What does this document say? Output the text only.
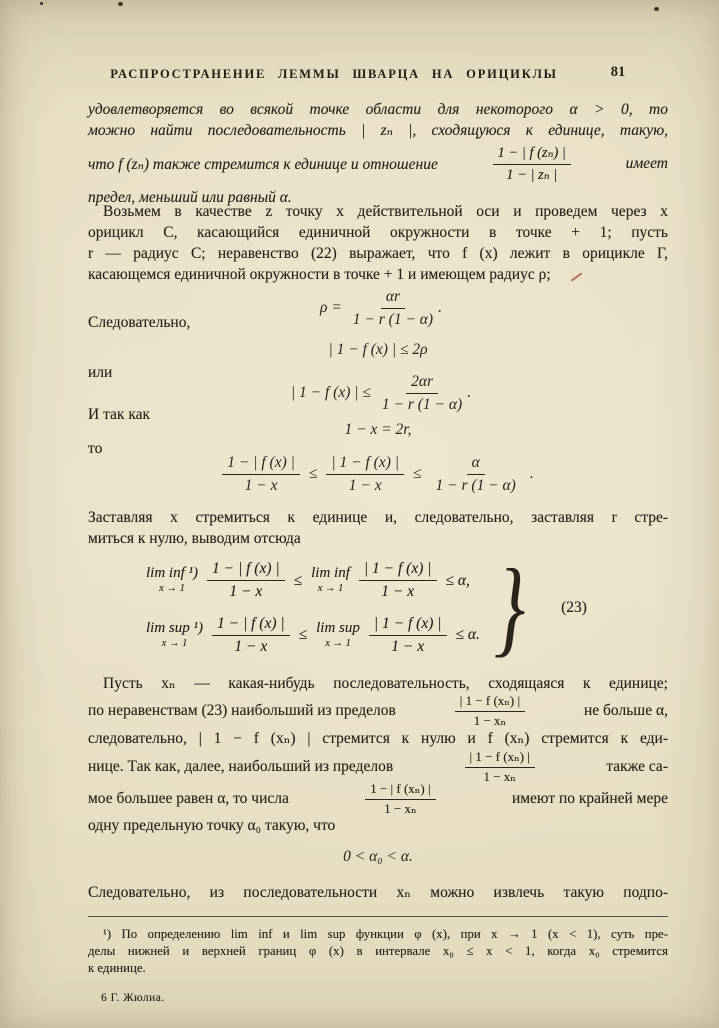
РАСПРОСТРАНЕНИЕ ЛЕММЫ ШВАРЦА НА ОРИЦИКЛЫ	81
удовлетворяется во всякой точке области для некоторого α > 0, то
можно найти последовательность | zₙ |, сходящуюся к единице, такую,
что f (zₙ) также стремится к единице и отношение	$\frac{\text{1 − | f (zₙ) |}}{\text{1 − | zₙ |}}$	имеет
предел, меньший или равный α.
Возьмем в качестве z точку x действительной оси и проведем через x
орицикл C, касающийся единичной окружности в точке + 1; пусть
r — радиус C; неравенство (22) выражает, что f (x) лежит в орицикле Γ,
касающемся единичной окружности в точке + 1 и имеющем радиус ρ;
$\rho = \frac{\alpha r}{1 - r (1 - \alpha)}$ .
Следовательно,
| 1 − f (x) | ≤ 2ρ
или
| 1 − f (x) | ≤ $\frac{2\alpha r}{1 - r (1 - \alpha)}$ .
И так как
1 − x = 2r,
то
$\frac{1 - | f (x) |}{1 - x} \le \frac{| 1 - f (x) |}{1 - x} \le \frac{\alpha}{1 - r (1 - \alpha)}$ .
Заставляя x стремиться к единице и, следовательно, заставляя r стре-
миться к нулю, выводим отсюда
lim inf ¹)
$x \to 1 \frac{1 - | f (x) |}{1 - x} \le \lim$ inf
$x \to 1 \frac{| 1 - f (x) |}{1 - x} \le \alpha$,
lim sup ¹)
$x \to 1 \frac{1 - | f (x) |}{1 - x} \le \lim$ sup
$x \to 1 \frac{| 1 - f (x) |}{1 - x} \le \alpha$. } (23)
Пусть xₙ — какая-нибудь последовательность, сходящаяся к единице;
по неравенствам (23) наибольший из пределов	$\frac{\text{| 1 − f (xₙ) |}}{\text{1 − xₙ}}$	не больше α,
следовательно, | 1 − f (xₙ) | стремится к нулю и f (xₙ) стремится к еди-
нице. Так как, далее, наибольший из пределов	$\frac{\text{| 1 − f (xₙ) |}}{\text{1 − xₙ}}$	также са-
мое большее равен α, то числа	$\frac{\text{1 − | f (xₙ) |}}{\text{1 − xₙ}}$	имеют по крайней мере
одну предельную точку α₀ такую, что
0 < α₀ < α.
Следовательно, из последовательности xₙ можно извлечь такую подпо-
¹) По определению lim inf и lim sup функции φ (x), при x → 1 (x < 1), суть пре-
делы нижней и верхней границ φ (x) в интервале x₀ ≤ x < 1, когда x₀ стремится
к единице.
6 Г. Жюлиа.
